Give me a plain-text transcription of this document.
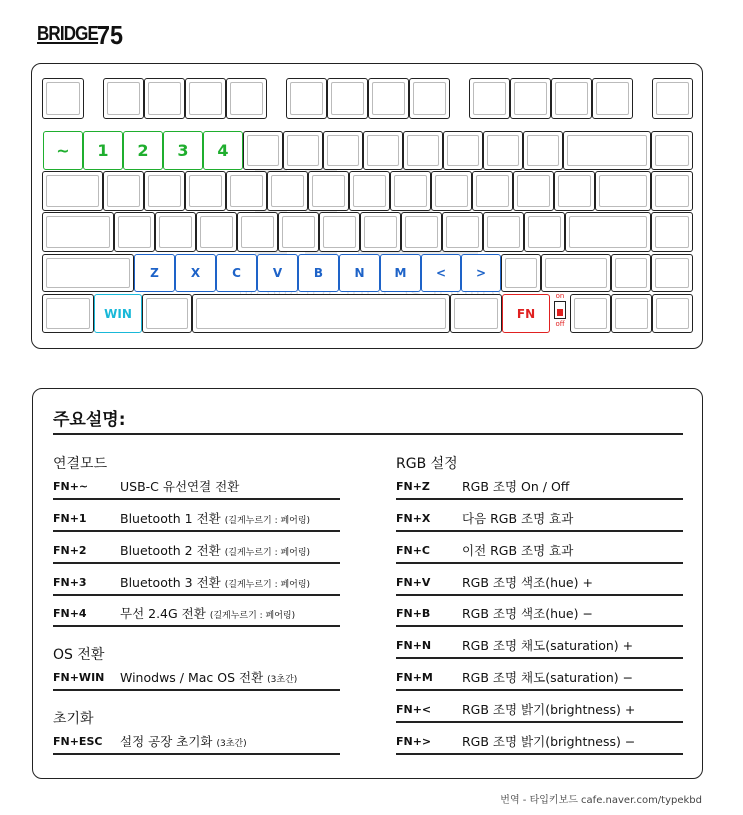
BRIDGE
75
~ 1 2 3 4
Z	X	C	V	B	N	M < >
WIN	FN
on
off
주요설명:
연결모드
FN+~	USB-C 유선연결 전환
FN+1	Bluetooth 1 전환 (길게누르기 : 페어링)
FN+2	Bluetooth 2 전환 (길게누르기 : 페어링)
FN+3	Bluetooth 3 전환 (길게누르기 : 페어링)
FN+4	무선 2.4G 전환 (길게누르기 : 페어링)
OS 전환
FN+WIN Winodws / Mac OS 전환 (3초간)
초기화
FN+ESC 설정 공장 초기화 (3초간)
RGB 설정
FN+Z	RGB 조명 On / Off
FN+X	다음 RGB 조명 효과
FN+C	이전 RGB 조명 효과
FN+V	RGB 조명 색조(hue) +
FN+B	RGB 조명 색조(hue) −
FN+N RGB 조명 채도(saturation) +
FN+M RGB 조명 채도(saturation) −
FN+< RGB 조명 밝기(brightness) +
FN+> RGB 조명 밝기(brightness) −
번역 - 타입키보드 cafe.naver.com/typekbd
